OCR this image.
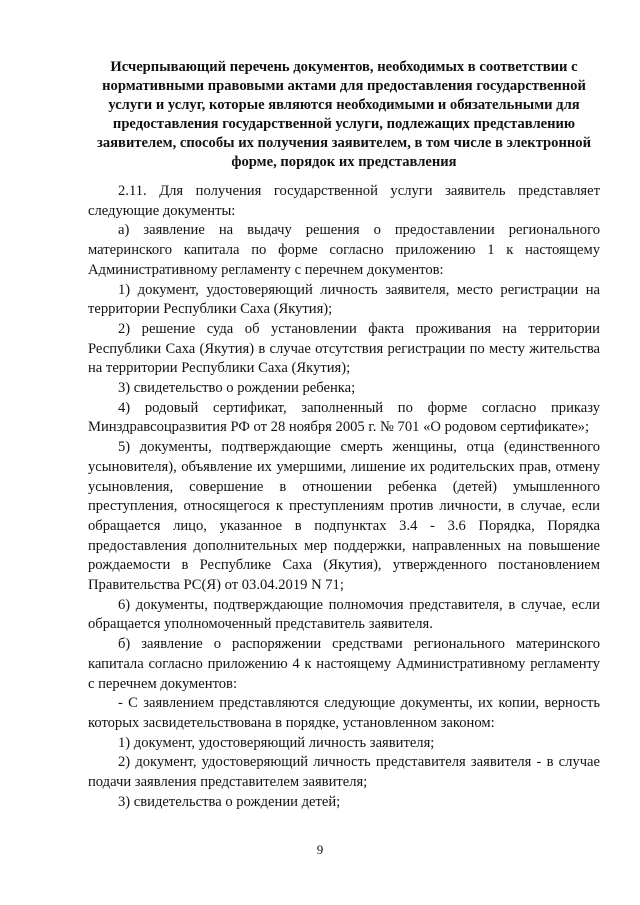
Исчерпывающий перечень документов, необходимых в соответствии с нормативными правовыми актами для предоставления государственной услуги и услуг, которые являются необходимыми и обязательными для предоставления государственной услуги, подлежащих представлению заявителем, способы их получения заявителем, в том числе в электронной форме, порядок их представления

2.11. Для получения государственной услуги заявитель представляет следующие документы:

а) заявление на выдачу решения о предоставлении регионального материнского капитала по форме согласно приложению 1 к настоящему Административному регламенту с перечнем документов:

1) документ, удостоверяющий личность заявителя, место регистрации на территории Республики Саха (Якутия);

2) решение суда об установлении факта проживания на территории Республики Саха (Якутия) в случае отсутствия регистрации по месту жительства на территории Республики Саха (Якутия);

3) свидетельство о рождении ребенка;

4) родовый сертификат, заполненный по форме согласно приказу Минздравсоцразвития РФ от 28 ноября 2005 г. № 701 «О родовом сертификате»;

5) документы, подтверждающие смерть женщины, отца (единственного усыновителя), объявление их умершими, лишение их родительских прав, отмену усыновления, совершение в отношении ребенка (детей) умышленного преступления, относящегося к преступлениям против личности, в случае, если обращается лицо, указанное в подпунктах 3.4 - 3.6 Порядка, Порядка предоставления дополнительных мер поддержки, направленных на повышение рождаемости в Республике Саха (Якутия), утвержденного постановлением Правительства РС(Я) от 03.04.2019 N 71;

6) документы, подтверждающие полномочия представителя, в случае, если обращается уполномоченный представитель заявителя.

б) заявление о распоряжении средствами регионального материнского капитала согласно приложению 4 к настоящему Административному регламенту с перечнем документов:

- С заявлением представляются следующие документы, их копии, верность которых засвидетельствована в порядке, установленном законом:

1) документ, удостоверяющий личность заявителя;

2) документ, удостоверяющий личность представителя заявителя - в случае подачи заявления представителем заявителя;

3) свидетельства о рождении детей;

9
